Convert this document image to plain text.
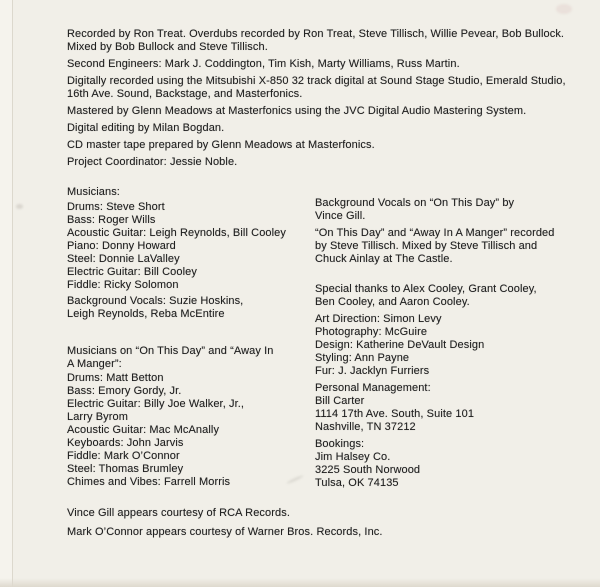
Recorded by Ron Treat. Overdubs recorded by Ron Treat, Steve Tillisch, Willie Pevear, Bob Bullock.
Mixed by Bob Bullock and Steve Tillisch.
Second Engineers: Mark J. Coddington, Tim Kish, Marty Williams, Russ Martin.
Digitally recorded using the Mitsubishi X-850 32 track digital at Sound Stage Studio, Emerald Studio,
16th Ave. Sound, Backstage, and Masterfonics.
Mastered by Glenn Meadows at Masterfonics using the JVC Digital Audio Mastering System.
Digital editing by Milan Bogdan.
CD master tape prepared by Glenn Meadows at Masterfonics.
Project Coordinator: Jessie Noble.
Musicians:
Drums: Steve Short
Bass: Roger Wills
Acoustic Guitar: Leigh Reynolds, Bill Cooley
Piano: Donny Howard
Steel: Donnie LaValley
Electric Guitar: Bill Cooley
Fiddle: Ricky Solomon
Background Vocals: Suzie Hoskins,
Leigh Reynolds, Reba McEntire
Musicians on “On This Day” and “Away In
A Manger”:
Drums: Matt Betton
Bass: Emory Gordy, Jr.
Electric Guitar: Billy Joe Walker, Jr.,
Larry Byrom
Acoustic Guitar: Mac McAnally
Keyboards: John Jarvis
Fiddle: Mark O’Connor
Steel: Thomas Brumley
Chimes and Vibes: Farrell Morris
Background Vocals on “On This Day” by
Vince Gill.
“On This Day” and “Away In A Manger” recorded
by Steve Tillisch. Mixed by Steve Tillisch and
Chuck Ainlay at The Castle.
Special thanks to Alex Cooley, Grant Cooley,
Ben Cooley, and Aaron Cooley.
Art Direction: Simon Levy
Photography: McGuire
Design: Katherine DeVault Design
Styling: Ann Payne
Fur: J. Jacklyn Furriers
Personal Management:
Bill Carter
1114 17th Ave. South, Suite 101
Nashville, TN 37212
Bookings:
Jim Halsey Co.
3225 South Norwood
Tulsa, OK 74135
Vince Gill appears courtesy of RCA Records.
Mark O’Connor appears courtesy of Warner Bros. Records, Inc.
